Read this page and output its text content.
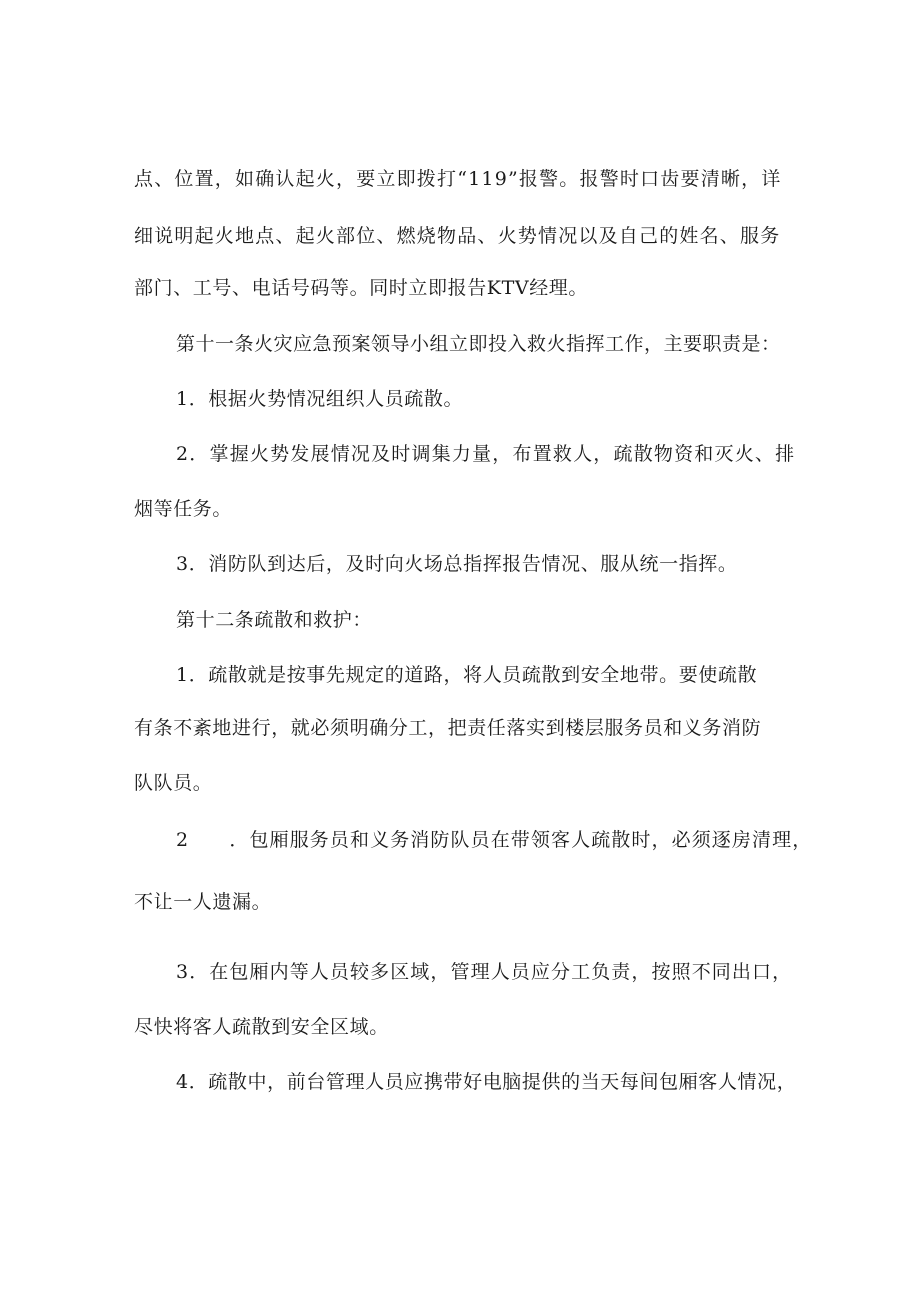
点、位置，如确认起火，要立即拨打“119”报警。报警时口齿要清晰，详
细说明起火地点、起火部位、燃烧物品、火势情况以及自己的姓名、服务
部门、工号、电话号码等。同时立即报告KTV经理。
第十一条火灾应急预案领导小组立即投入救火指挥工作，主要职责是：
1．根据火势情况组织人员疏散。
2．掌握火势发展情况及时调集力量，布置救人，疏散物资和灭火、排
烟等任务。
3．消防队到达后，及时向火场总指挥报告情况、服从统一指挥。
第十二条疏散和救护：
1．疏散就是按事先规定的道路，将人员疏散到安全地带。要使疏散
有条不紊地进行，就必须明确分工，把责任落实到楼层服务员和义务消防
队队员。
2　　．包厢服务员和义务消防队员在带领客人疏散时，必须逐房清理，
不让一人遗漏。
3．在包厢内等人员较多区域，管理人员应分工负责，按照不同出口，
尽快将客人疏散到安全区域。
4．疏散中，前台管理人员应携带好电脑提供的当天每间包厢客人情况，
